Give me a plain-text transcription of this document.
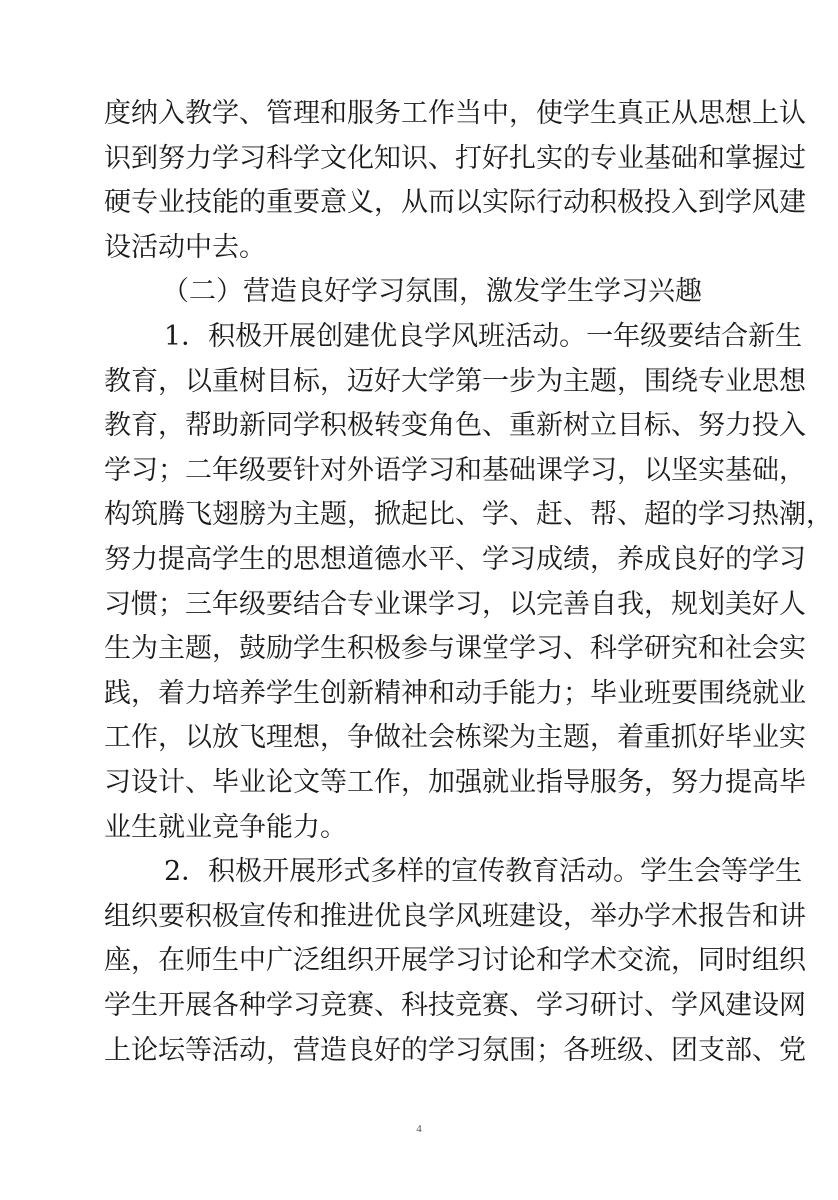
度纳入教学、管理和服务工作当中，使学生真正从思想上认
识到努力学习科学文化知识、打好扎实的专业基础和掌握过
硬专业技能的重要意义，从而以实际行动积极投入到学风建
设活动中去。
（二）营造良好学习氛围，激发学生学习兴趣
1．积极开展创建优良学风班活动。一年级要结合新生
教育，以重树目标，迈好大学第一步为主题，围绕专业思想
教育，帮助新同学积极转变角色、重新树立目标、努力投入
学习；二年级要针对外语学习和基础课学习，以坚实基础，
构筑腾飞翅膀为主题，掀起比、学、赶、帮、超的学习热潮，
努力提高学生的思想道德水平、学习成绩，养成良好的学习
习惯；三年级要结合专业课学习，以完善自我，规划美好人
生为主题，鼓励学生积极参与课堂学习、科学研究和社会实
践，着力培养学生创新精神和动手能力；毕业班要围绕就业
工作，以放飞理想，争做社会栋梁为主题，着重抓好毕业实
习设计、毕业论文等工作，加强就业指导服务，努力提高毕
业生就业竞争能力。
2．积极开展形式多样的宣传教育活动。学生会等学生
组织要积极宣传和推进优良学风班建设，举办学术报告和讲
座，在师生中广泛组织开展学习讨论和学术交流，同时组织
学生开展各种学习竞赛、科技竞赛、学习研讨、学风建设网
上论坛等活动，营造良好的学习氛围；各班级、团支部、党
4
